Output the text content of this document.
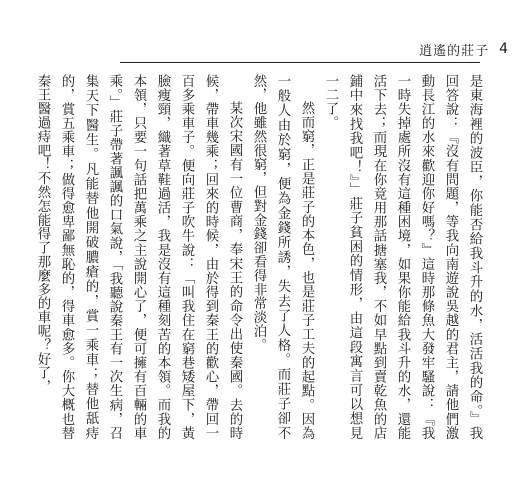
逍遙的莊子 4

是東海裡的波臣，你能否給我斗升的水，活活我的命。』我回答說：『沒有問題，等我向南遊說吳越的君主，請他們激動長江的水來歡迎你好嗎？』這時那條魚大發牢騷說：『我一時失掉處所沒有這種困境，如果你能給我斗升的水，還能活下去；而現在你竟用那話搪塞我，不如早點到賣乾魚的店鋪中來找我吧！』」莊子貧困的情形，由這段寓言可以想見一二了。

然而窮，正是莊子的本色，也是莊子工夫的起點。因為一般人由於窮，便為金錢所誘，失去了人格。而莊子卻不然，他雖然很窮，但對金錢卻看得非常淡泊。

某次宋國有一位曹商，奉宋王的命令出使秦國。去的時候，帶車幾乘；回來的時候，由於得到秦王的歡心，帶回一百多乘車子。便向莊子吹牛說：「叫我住在窮巷矮屋下，黃臉痩頸，織著草鞋過活，我是沒有這種刻苦的本領。而我的本領，只要一句話把萬乘之主說開心了，便可擁有百輛的車乘。」莊子帶著諷諷的口氣說，「我聽說秦王有一次生病，召集天下醫生。凡能替他開破膿瘡的，賞一乘車；替他舐痔的，賞五乘車；做得愈卑鄙無恥的，得車愈多。你大概也替秦王醫過痔吧！不然怎能得了那麼多的車呢？好了，
